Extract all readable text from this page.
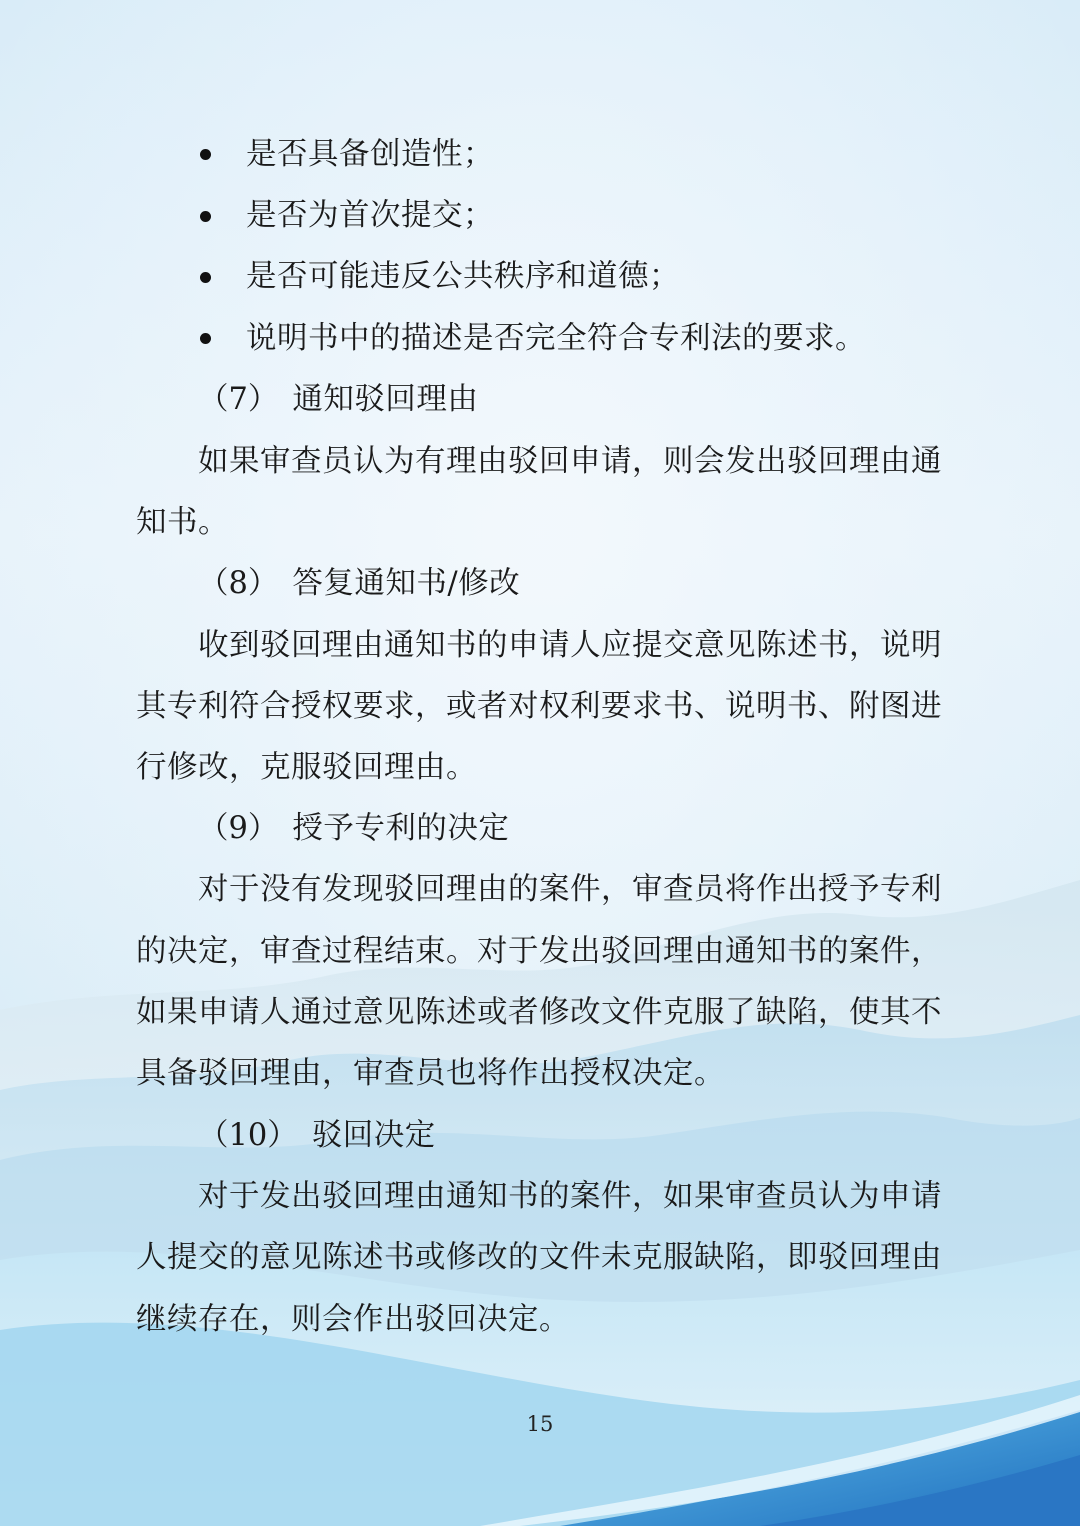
是否具备创造性；
是否为首次提交；
是否可能违反公共秩序和道德；
说明书中的描述是否完全符合专利法的要求。
（7） 通知驳回理由
如果审查员认为有理由驳回申请，则会发出驳回理由通
知书。
（8） 答复通知书/修改
收到驳回理由通知书的申请人应提交意见陈述书，说明
其专利符合授权要求，或者对权利要求书、说明书、附图进
行修改，克服驳回理由。
（9） 授予专利的决定
对于没有发现驳回理由的案件，审查员将作出授予专利
的决定，审查过程结束。对于发出驳回理由通知书的案件，
如果申请人通过意见陈述或者修改文件克服了缺陷，使其不
具备驳回理由，审查员也将作出授权决定。
（10） 驳回决定
对于发出驳回理由通知书的案件，如果审查员认为申请
人提交的意见陈述书或修改的文件未克服缺陷，即驳回理由
继续存在，则会作出驳回决定。
15
